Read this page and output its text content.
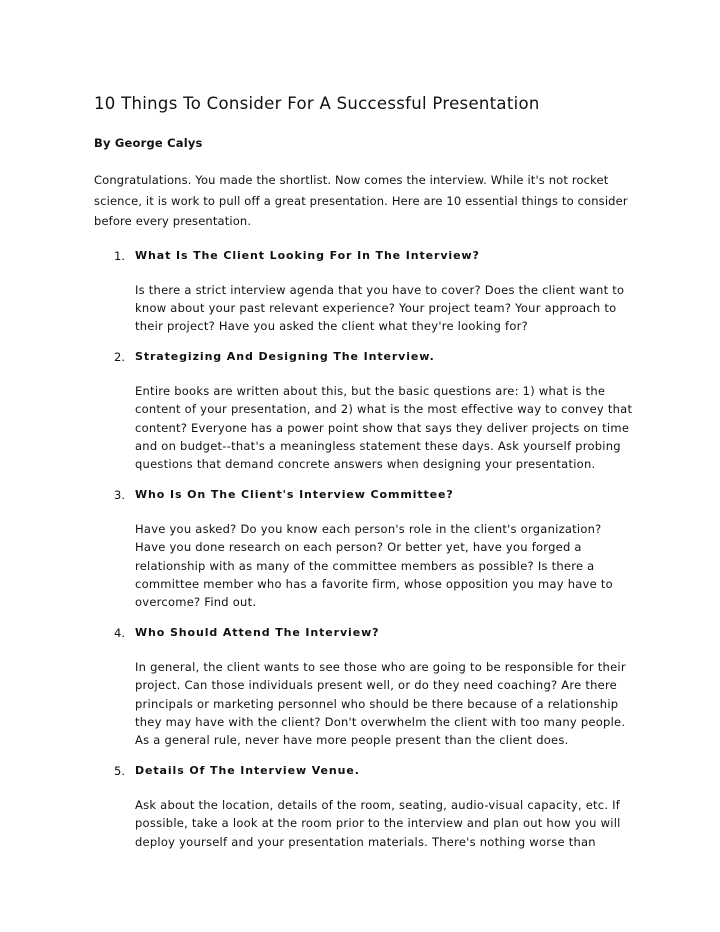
10 Things To Consider For A Successful Presentation

By George Calys

Congratulations. You made the shortlist. Now comes the interview. While it's not rocket science, it is work to pull off a great presentation. Here are 10 essential things to consider before every presentation.

1. What Is The Client Looking For In The Interview?

Is there a strict interview agenda that you have to cover? Does the client want to know about your past relevant experience? Your project team? Your approach to their project? Have you asked the client what they're looking for?

2. Strategizing And Designing The Interview.

Entire books are written about this, but the basic questions are: 1) what is the content of your presentation, and 2) what is the most effective way to convey that content? Everyone has a power point show that says they deliver projects on time and on budget--that's a meaningless statement these days. Ask yourself probing questions that demand concrete answers when designing your presentation.

3. Who Is On The Client's Interview Committee?

Have you asked? Do you know each person's role in the client's organization? Have you done research on each person? Or better yet, have you forged a relationship with as many of the committee members as possible? Is there a committee member who has a favorite firm, whose opposition you may have to overcome? Find out.

4. Who Should Attend The Interview?

In general, the client wants to see those who are going to be responsible for their project. Can those individuals present well, or do they need coaching? Are there principals or marketing personnel who should be there because of a relationship they may have with the client? Don't overwhelm the client with too many people. As a general rule, never have more people present than the client does.

5. Details Of The Interview Venue.

Ask about the location, details of the room, seating, audio-visual capacity, etc. If possible, take a look at the room prior to the interview and plan out how you will deploy yourself and your presentation materials. There's nothing worse than
